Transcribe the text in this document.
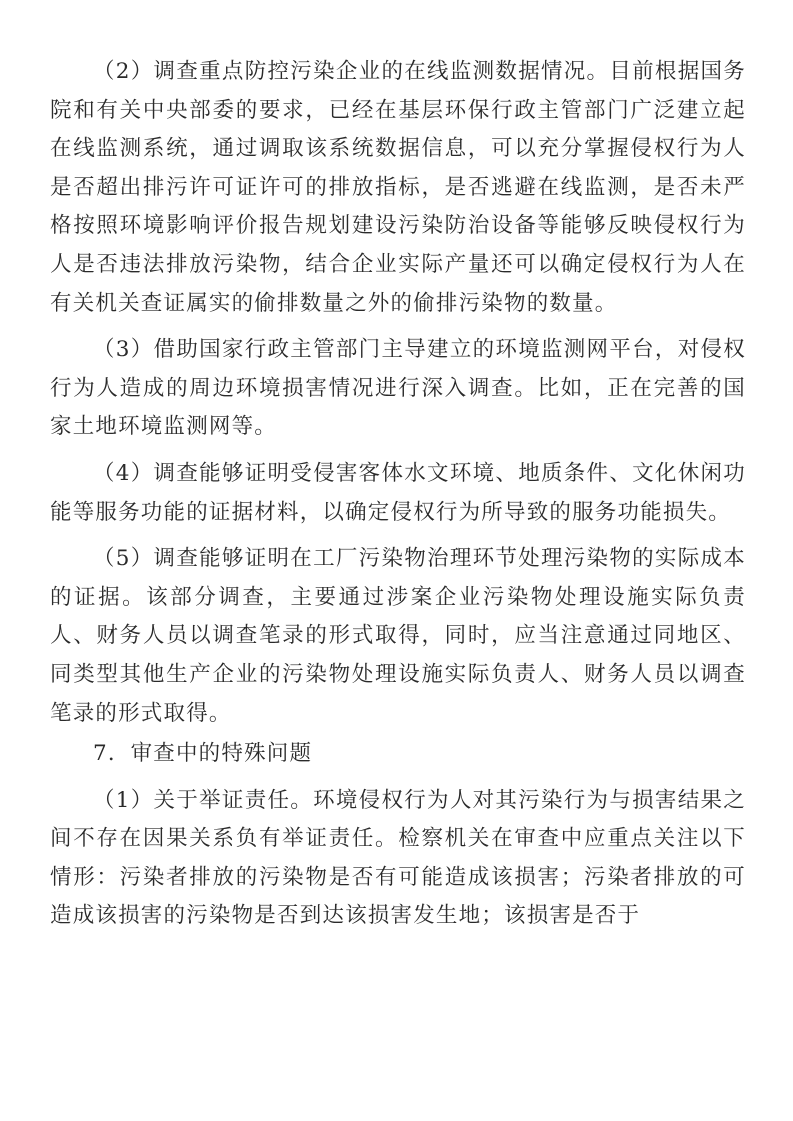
（2）调查重点防控污染企业的在线监测数据情况。目前根据国务院和有关中央部委的要求，已经在基层环保行政主管部门广泛建立起在线监测系统，通过调取该系统数据信息，可以充分掌握侵权行为人是否超出排污许可证许可的排放指标，是否逃避在线监测，是否未严格按照环境影响评价报告规划建设污染防治设备等能够反映侵权行为人是否违法排放污染物，结合企业实际产量还可以确定侵权行为人在有关机关查证属实的偷排数量之外的偷排污染物的数量。

（3）借助国家行政主管部门主导建立的环境监测网平台，对侵权行为人造成的周边环境损害情况进行深入调查。比如，正在完善的国家土地环境监测网等。

（4）调查能够证明受侵害客体水文环境、地质条件、文化休闲功能等服务功能的证据材料，以确定侵权行为所导致的服务功能损失。

（5）调查能够证明在工厂污染物治理环节处理污染物的实际成本的证据。该部分调查，主要通过涉案企业污染物处理设施实际负责人、财务人员以调查笔录的形式取得，同时，应当注意通过同地区、同类型其他生产企业的污染物处理设施实际负责人、财务人员以调查笔录的形式取得。

7．审查中的特殊问题

（1）关于举证责任。环境侵权行为人对其污染行为与损害结果之间不存在因果关系负有举证责任。检察机关在审查中应重点关注以下情形：污染者排放的污染物是否有可能造成该损害；污染者排放的可造成该损害的污染物是否到达该损害发生地；该损害是否于
